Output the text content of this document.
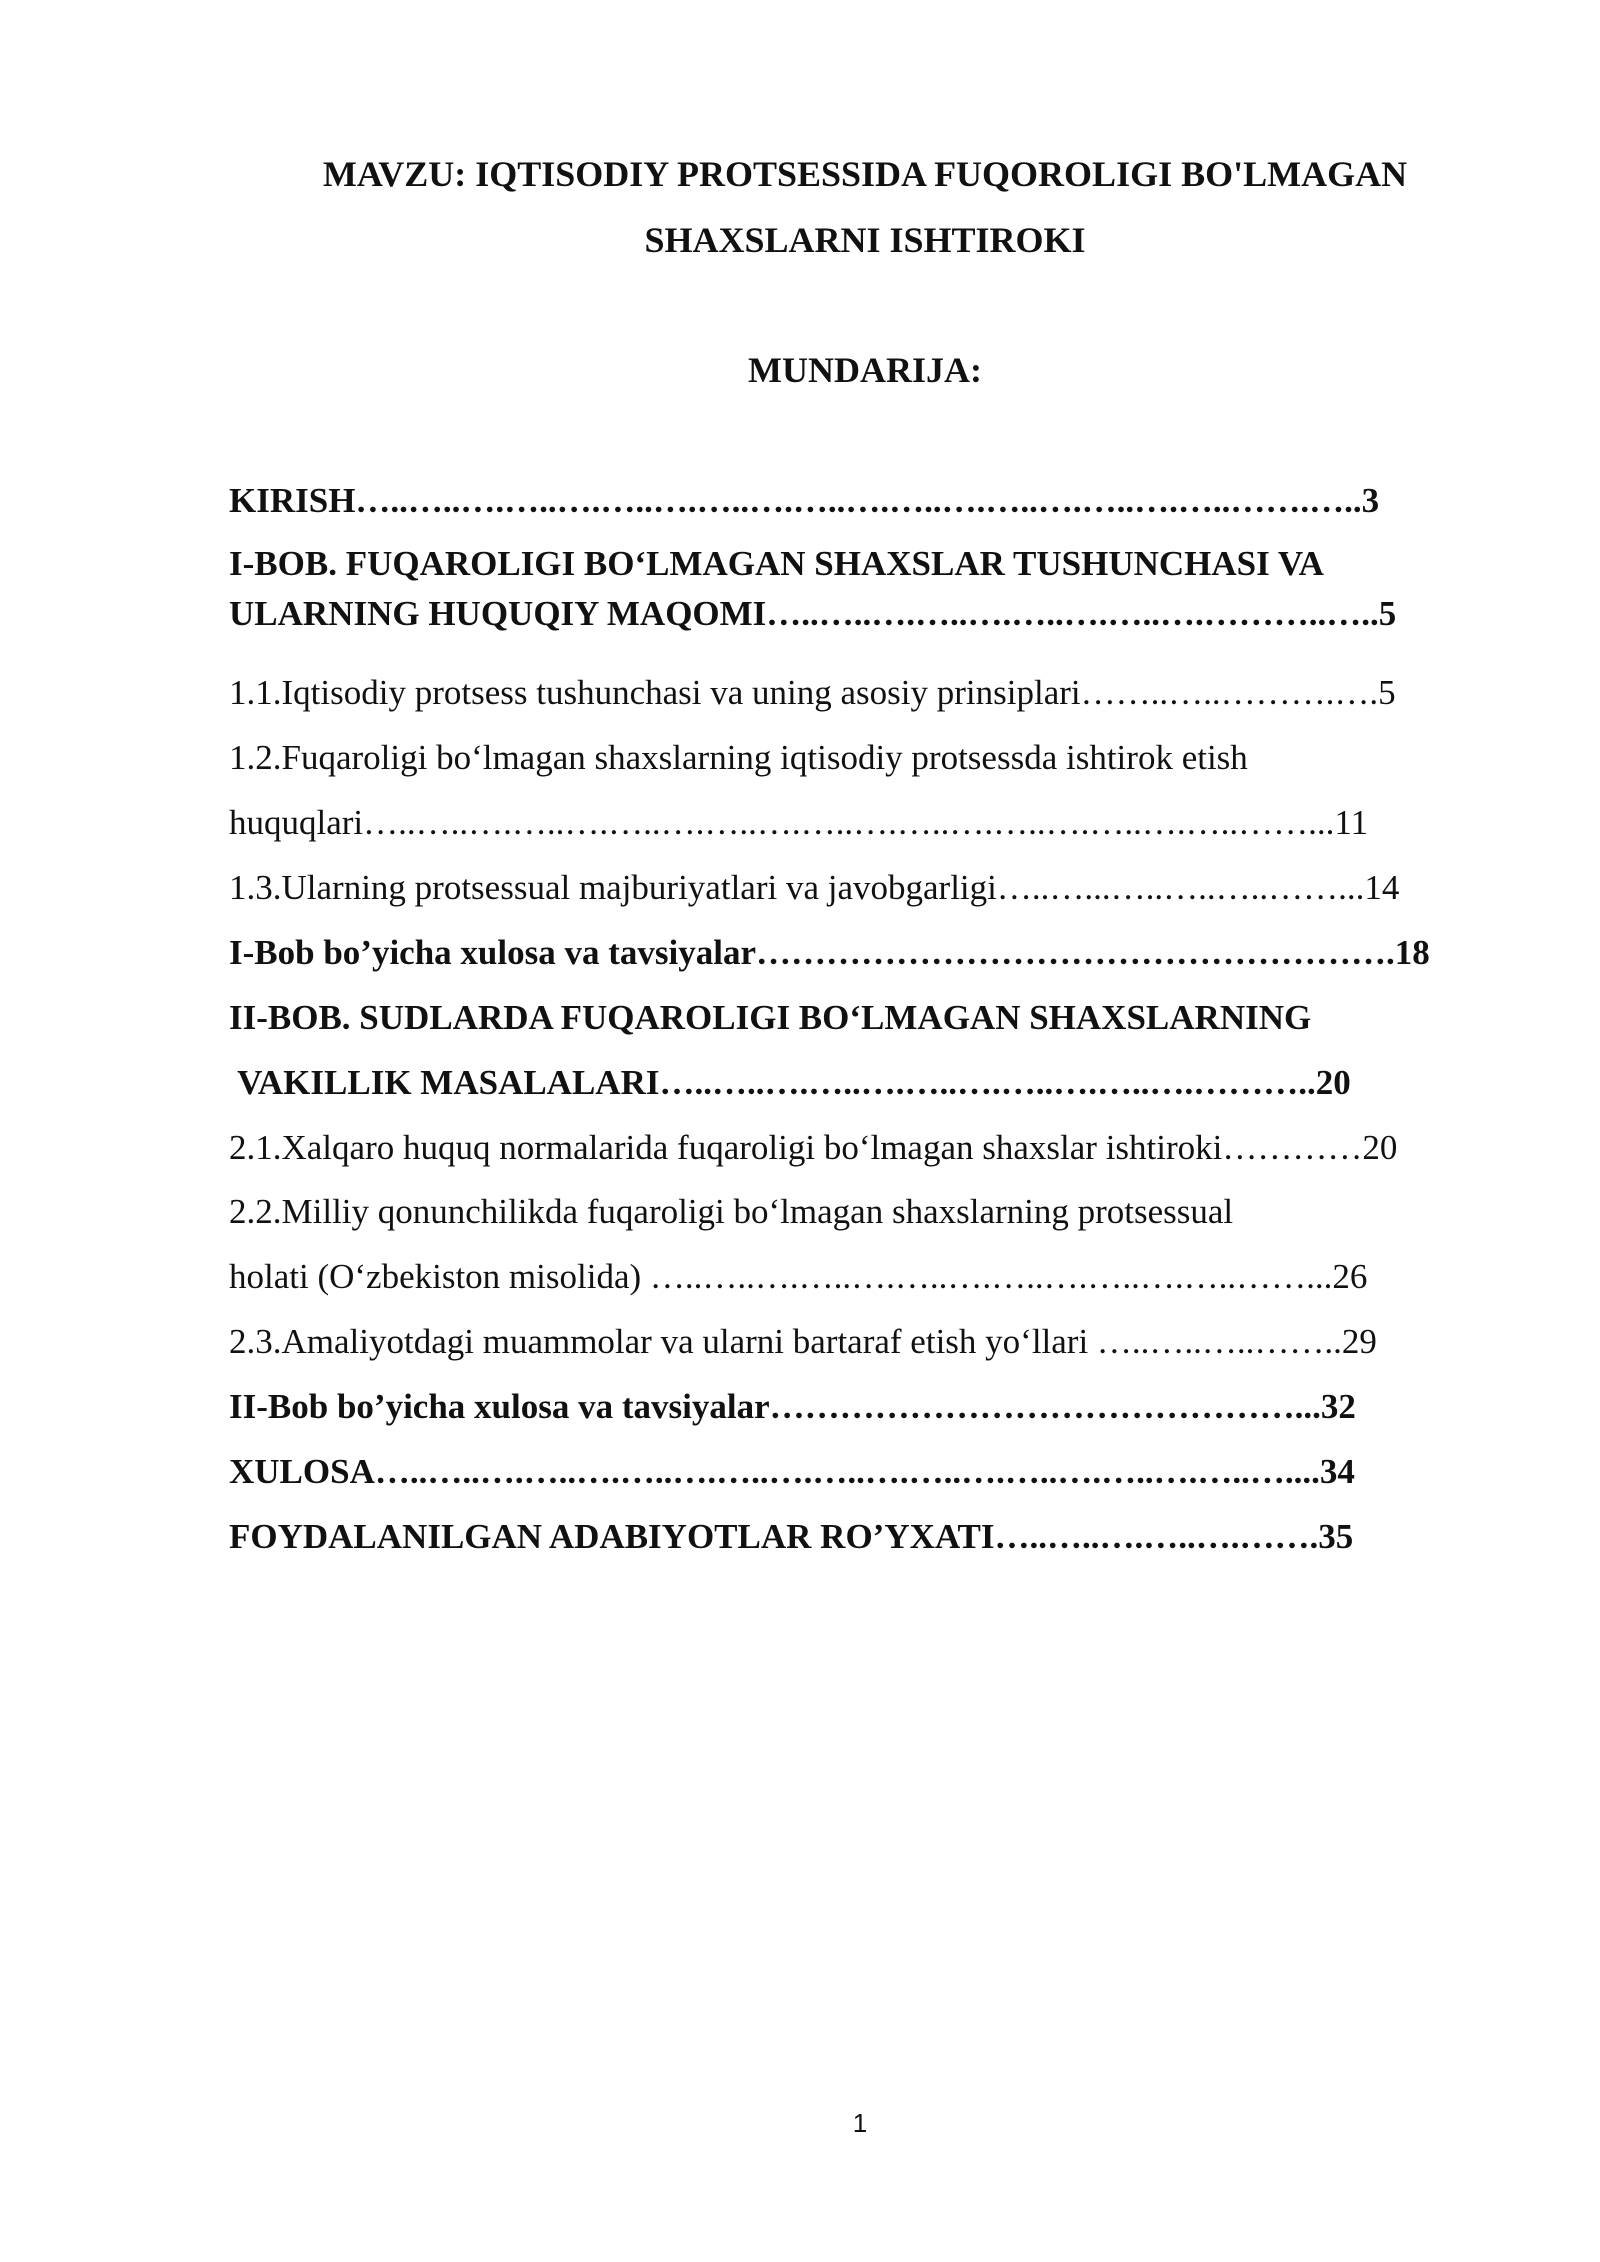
MAVZU: IQTISODIY PROTSESSIDA FUQOROLIGI BO'LMAGAN

SHAXSLARNI ISHTIROKI

MUNDARIJA:

KIRISH…..…..….…..….…..….…..….…..….…..….…..….…..….…..…….…..3

I-BOB. FUQAROLIGI BO‘LMAGAN SHAXSLAR TUSHUNCHASI VA

ULARNING HUQUQIY MAQOMI…..…..….…..….…..….…..….………..…..5

1.1.Iqtisodiy protsess tushunchasi va uning asosiy prinsiplari……..…..……….….5

1.2.Fuqaroligi bo‘lmagan shaxslarning iqtisodiy protsessda ishtirok etish

huquqlari…..…..….…..….…..….…..….…..….…..….…..….…..….…..……...11

1.3.Ularning protsessual majburiyatlari va javobgarligi…..…...…..…..…..……...14

I-Bob bo’yicha xulosa va tavsiyalar……………………………………………….18

II-BOB. SUDLARDA FUQAROLIGI BO‘LMAGAN SHAXSLARNING

VAKILLIK MASALALARI…..…..….…..….…..….…..….…..….………..20

2.1.Xalqaro huquq normalarida fuqaroligi bo‘lmagan shaxslar ishtiroki…………20

2.2.Milliy qonunchilikda fuqaroligi bo‘lmagan shaxslarning protsessual

holati (O‘zbekiston misolida) …..…..….…..….…..….…..….…..….…..……...26

2.3.Amaliyotdagi muammolar va ularni bartaraf etish yo‘llari …..…..…..……..29

II-Bob bo’yicha xulosa va tavsiyalar………………………………………...32

XULOSA…..…..….…..….…..….…..….…..….…..….…..….…..….…..…....34

FOYDALANILGAN ADABIYOTLAR RO’YXATI…..…..….…..….…….35

1
